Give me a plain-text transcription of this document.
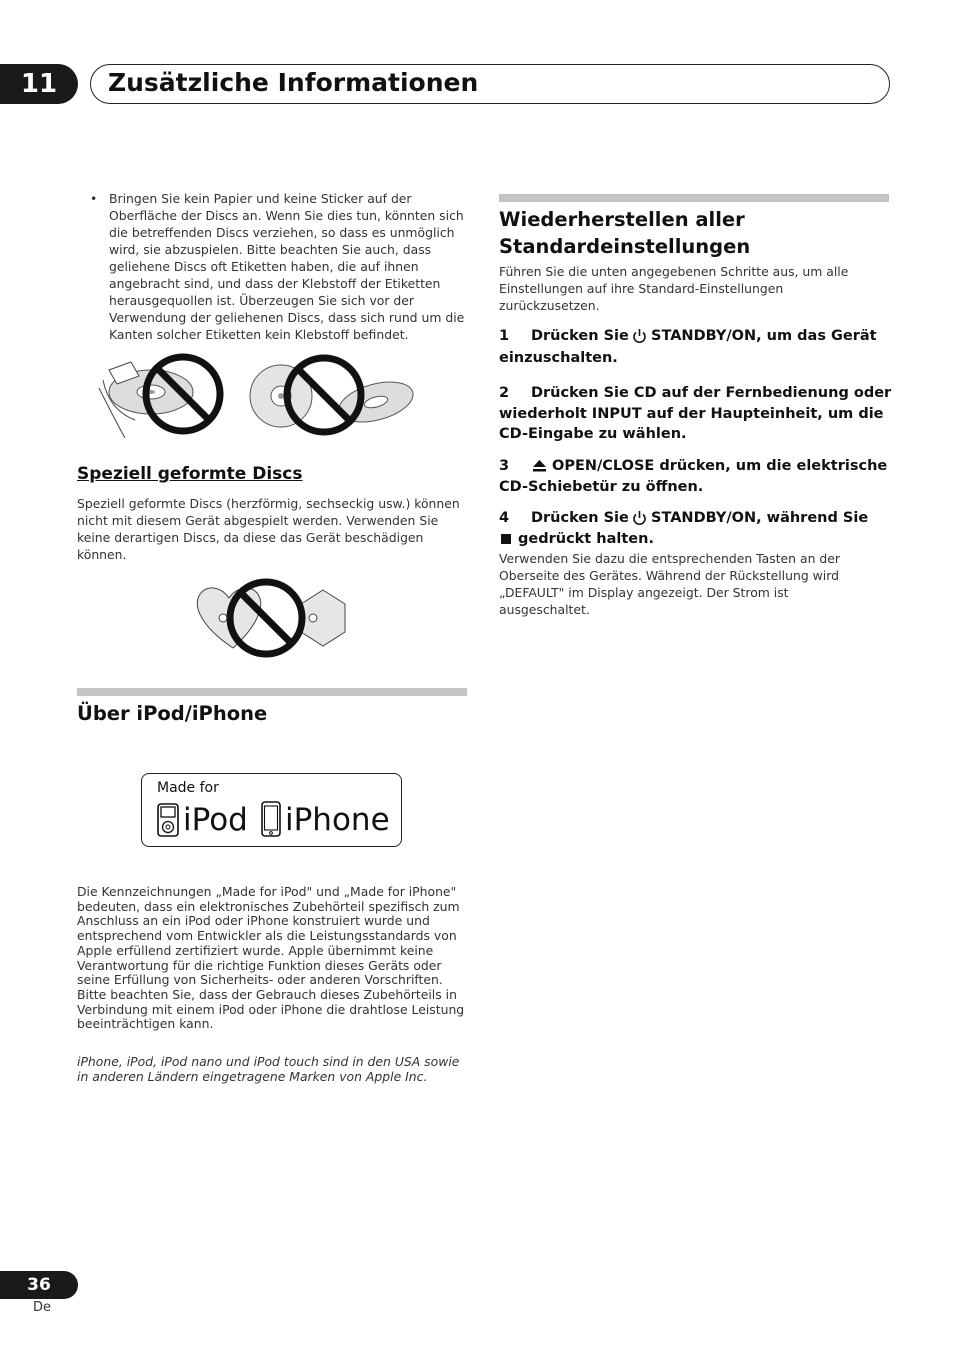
11	Zusätzliche Informationen
• Bringen Sie kein Papier und keine Sticker auf der Oberfläche der Discs an. Wenn Sie dies tun, könnten sich die betreffenden Discs verziehen, so dass es unmöglich wird, sie abzuspielen. Bitte beachten Sie auch, dass geliehene Discs oft Etiketten haben, die auf ihnen angebracht sind, und dass der Klebstoff der Etiketten herausgequollen ist. Überzeugen Sie sich vor der Verwendung der geliehenen Discs, dass sich rund um die Kanten solcher Etiketten kein Klebstoff befindet.
Speziell geformte Discs
Speziell geformte Discs (herzförmig, sechseckig usw.) können nicht mit diesem Gerät abgespielt werden. Verwenden Sie keine derartigen Discs, da diese das Gerät beschädigen können.
Über iPod/iPhone
Made for
iPod iPhone
Die Kennzeichnungen „Made for iPod" und „Made for iPhone" bedeuten, dass ein elektronisches Zubehörteil spezifisch zum Anschluss an ein iPod oder iPhone konstruiert wurde und entsprechend vom Entwickler als die Leistungsstandards von Apple erfüllend zertifiziert wurde. Apple übernimmt keine Verantwortung für die richtige Funktion dieses Geräts oder seine Erfüllung von Sicherheits- oder anderen Vorschriften. Bitte beachten Sie, dass der Gebrauch dieses Zubehörteils in Verbindung mit einem iPod oder iPhone die drahtlose Leistung beeinträchtigen kann.
iPhone, iPod, iPod nano und iPod touch sind in den USA sowie in anderen Ländern eingetragene Marken von Apple Inc.
Wiederherstellen aller
Standardeinstellungen
Führen Sie die unten angegebenen Schritte aus, um alle Einstellungen auf ihre Standard-Einstellungen zurückzusetzen.
1 Drücken Sie STANDBY/ON, um das Gerät
einzuschalten.
2 Drücken Sie CD auf der Fernbedienung oder
wiederholt INPUT auf der Haupteinheit, um die
CD-Eingabe zu wählen.
3	OPEN/CLOSE drücken, um die elektrische
CD-Schiebetür zu öffnen.
4 Drücken Sie STANDBY/ON, während Sie
gedrückt halten.
Verwenden Sie dazu die entsprechenden Tasten an der Oberseite des Gerätes. Während der Rückstellung wird „DEFAULT" im Display angezeigt. Der Strom ist ausgeschaltet.
36
De
